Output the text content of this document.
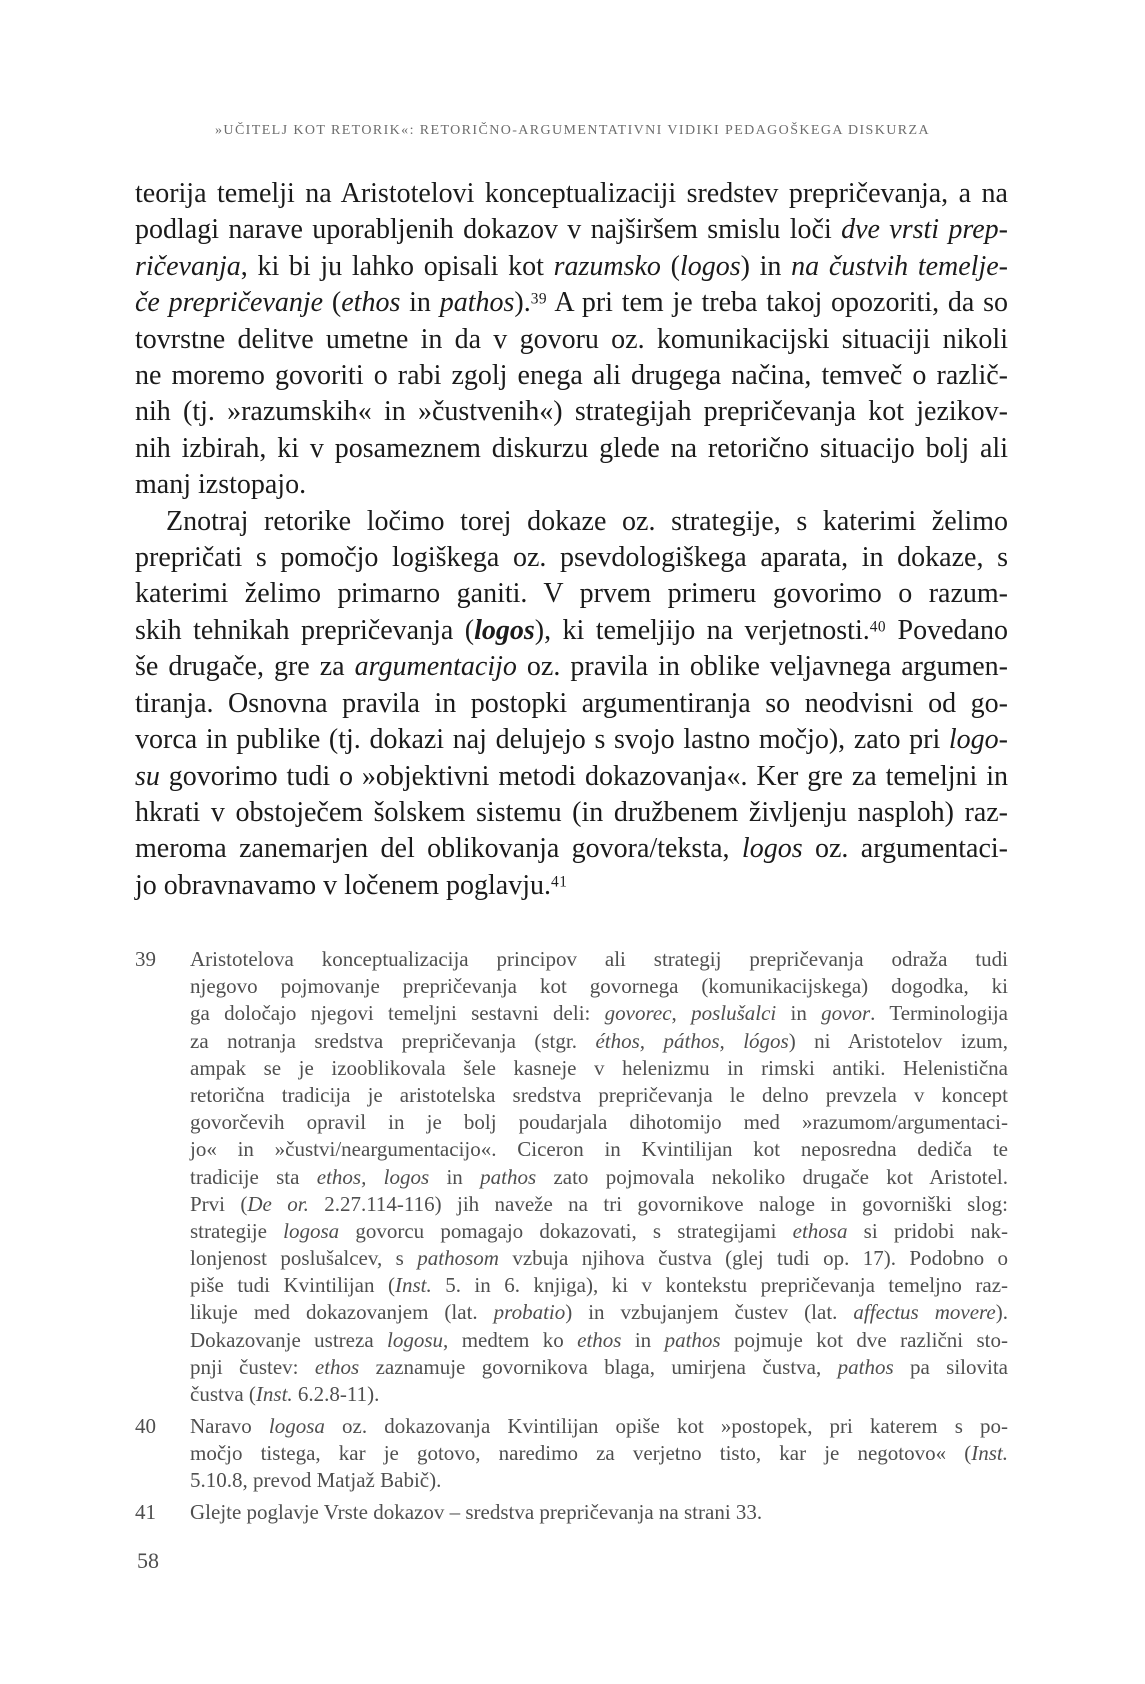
»UČITELJ KOT RETORIK«: RETORIČNO-ARGUMENTATIVNI VIDIKI PEDAGOŠKEGA DISKURZA
teorija temelji na Aristotelovi konceptualizaciji sredstev prepričevanja, a na
podlagi narave uporabljenih dokazov v najširšem smislu loči dve vrsti prep-
ričevanja, ki bi ju lahko opisali kot razumsko (logos) in na čustvih temelje-
če prepričevanje (ethos in pathos).$^{39}$ A pri tem je treba takoj opozoriti, da so
tovrstne delitve umetne in da v govoru oz. komunikacijski situaciji nikoli
ne moremo govoriti o rabi zgolj enega ali drugega načina, temveč o različ-
nih (tj. »razumskih« in »čustvenih«) strategijah prepričevanja kot jezikov-
nih izbirah, ki v posameznem diskurzu glede na retorično situacijo bolj ali
manj izstopajo.
Znotraj retorike ločimo torej dokaze oz. strategije, s katerimi želimo
prepričati s pomočjo logiškega oz. psevdologiškega aparata, in dokaze, s
katerimi želimo primarno ganiti. V prvem primeru govorimo o razum-
skih tehnikah prepričevanja (logos), ki temeljijo na verjetnosti.$^{40}$ Povedano
še drugače, gre za argumentacijo oz. pravila in oblike veljavnega argumen-
tiranja. Osnovna pravila in postopki argumentiranja so neodvisni od go-
vorca in publike (tj. dokazi naj delujejo s svojo lastno močjo), zato pri logo-
su govorimo tudi o »objektivni metodi dokazovanja«. Ker gre za temeljni in
hkrati v obstoječem šolskem sistemu (in družbenem življenju nasploh) raz-
meroma zanemarjen del oblikovanja govora/teksta, logos oz. argumentaci-
jo obravnavamo v ločenem poglavju.$^{41}$
39	Aristotelova konceptualizacija principov ali strategij prepričevanja odraža tudi
njegovo pojmovanje prepričevanja kot govornega (komunikacijskega) dogodka, ki
ga določajo njegovi temeljni sestavni deli: govorec, poslušalci in govor. Terminologija
za notranja sredstva prepričevanja (stgr. éthos, páthos, lógos) ni Aristotelov izum,
ampak se je izooblikovala šele kasneje v helenizmu in rimski antiki. Helenistična
retorična tradicija je aristotelska sredstva prepričevanja le delno prevzela v koncept
govorčevih opravil in je bolj poudarjala dihotomijo med »razumom/argumentaci-
jo« in »čustvi/neargumentacijo«. Ciceron in Kvintilijan kot neposredna dediča te
tradicije sta ethos, logos in pathos zato pojmovala nekoliko drugače kot Aristotel.
Prvi (De or. 2.27.114-116) jih naveže na tri govornikove naloge in govorniški slog:
strategije logosa govorcu pomagajo dokazovati, s strategijami ethosa si pridobi nak-
lonjenost poslušalcev, s pathosom vzbuja njihova čustva (glej tudi op. 17). Podobno o
piše tudi Kvintilijan (Inst. 5. in 6. knjiga), ki v kontekstu prepričevanja temeljno raz-
likuje med dokazovanjem (lat. probatio) in vzbujanjem čustev (lat. affectus movere).
Dokazovanje ustreza logosu, medtem ko ethos in pathos pojmuje kot dve različni sto-
pnji čustev: ethos zaznamuje govornikova blaga, umirjena čustva, pathos pa silovita
čustva (Inst. 6.2.8-11).
40	Naravo logosa oz. dokazovanja Kvintilijan opiše kot »postopek, pri katerem s po-
močjo tistega, kar je gotovo, naredimo za verjetno tisto, kar je negotovo« (Inst.
5.10.8, prevod Matjaž Babič).
41	Glejte poglavje Vrste dokazov – sredstva prepričevanja na strani 33.
58
